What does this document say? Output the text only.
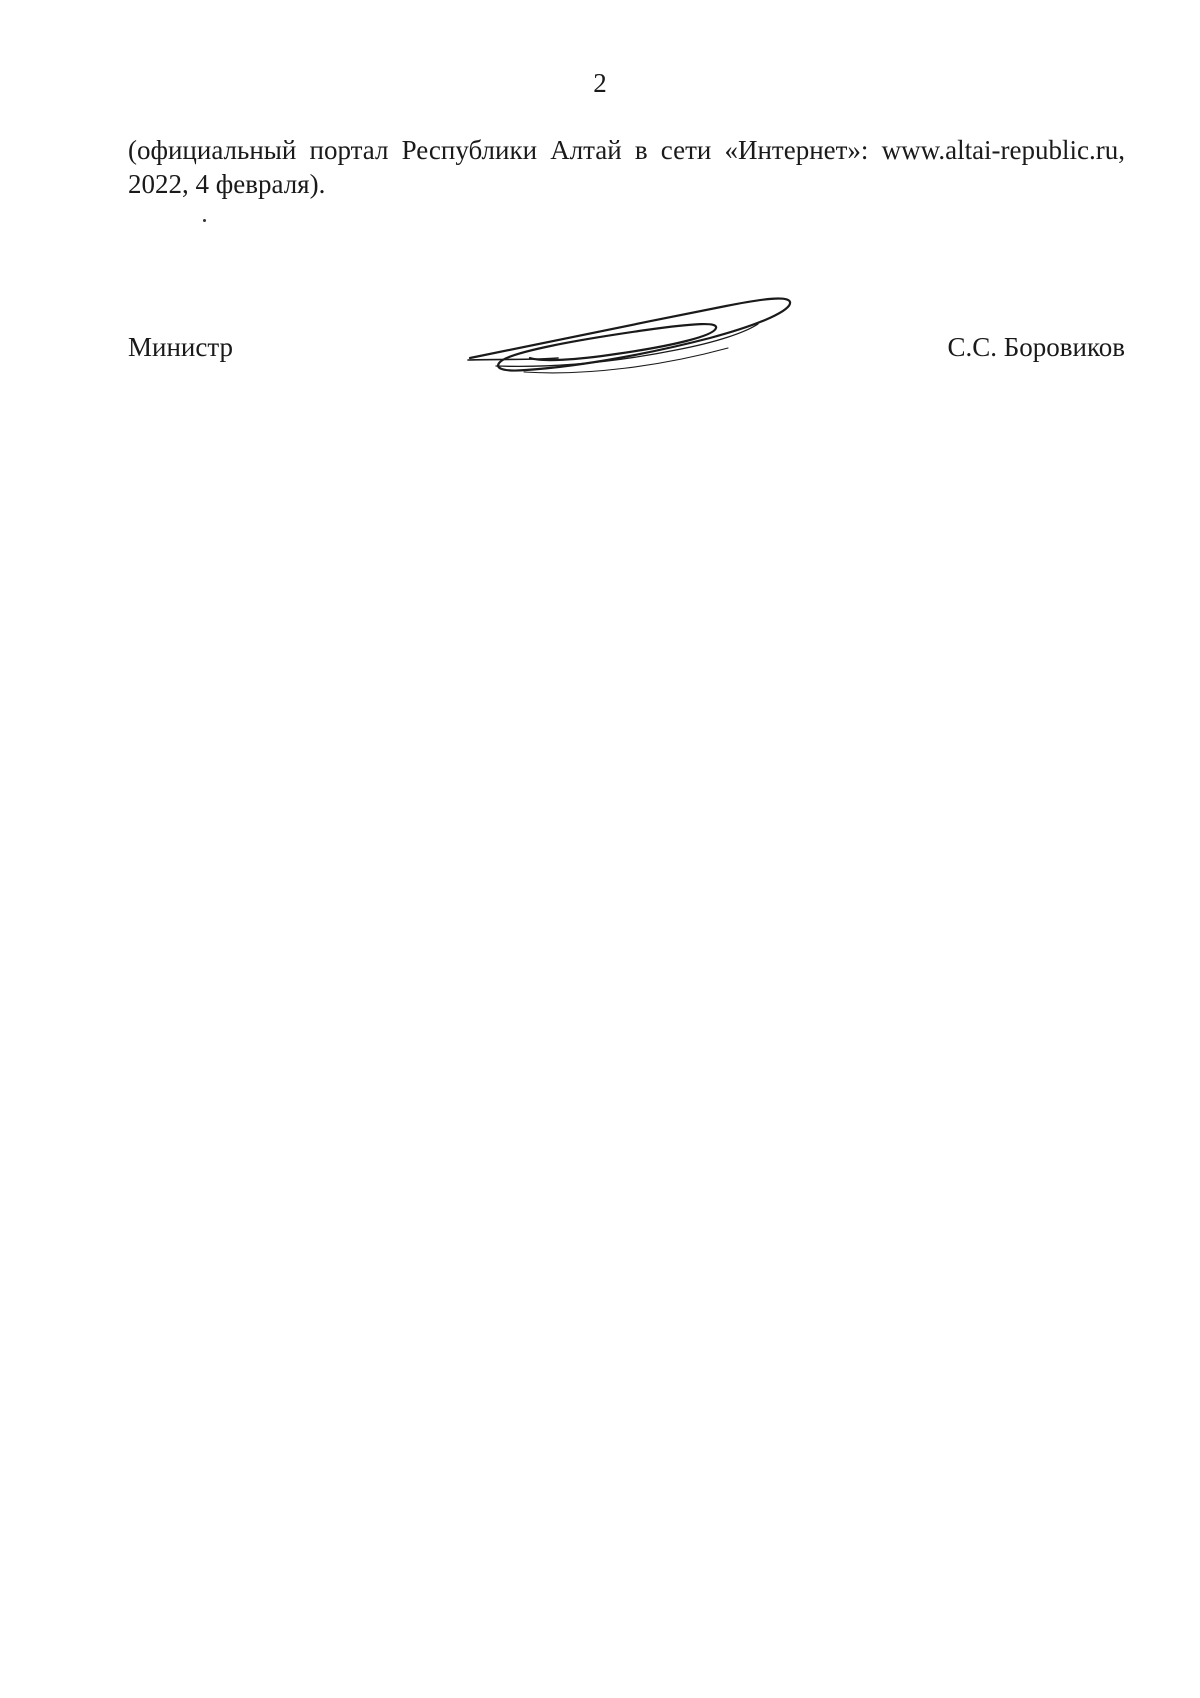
2

(официальный портал Республики Алтай в сети «Интернет»: www.altai-republic.ru, 2022, 4 февраля).

Министр	С.С. Боровиков
